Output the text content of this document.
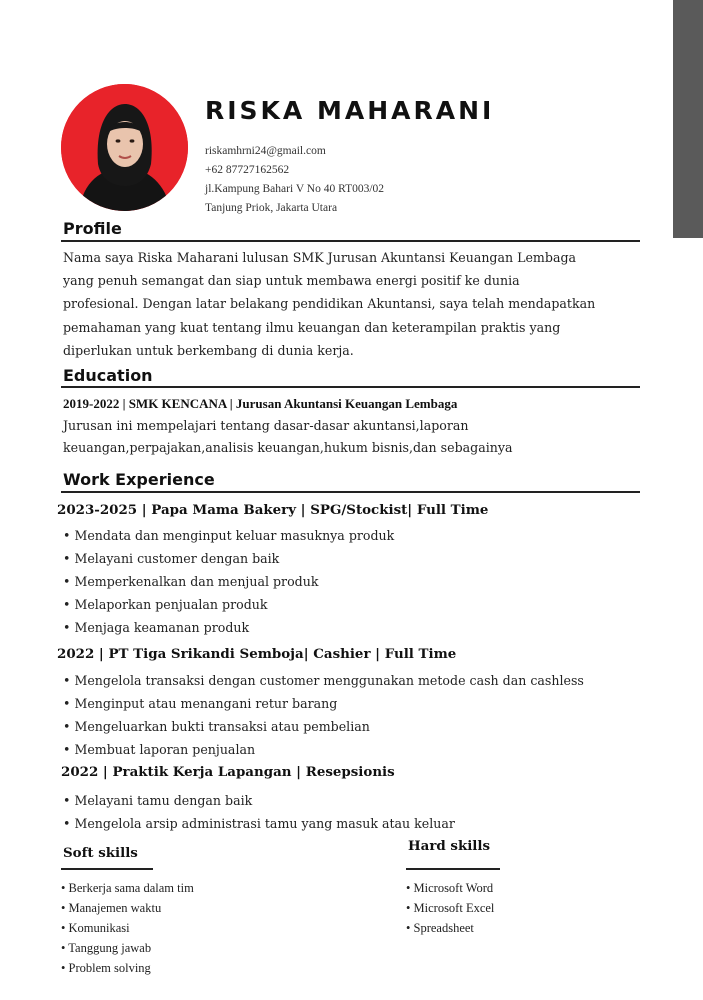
RISKA MAHARANI
riskamhrni24@gmail.com
+62 87727162562
jl.Kampung Bahari V No 40 RT003/02
Tanjung Priok, Jakarta Utara
Profile
Nama saya Riska Maharani lulusan SMK Jurusan Akuntansi Keuangan Lembaga
yang penuh semangat dan siap untuk membawa energi positif ke dunia
profesional. Dengan latar belakang pendidikan Akuntansi, saya telah mendapatkan
pemahaman yang kuat tentang ilmu keuangan dan keterampilan praktis yang
diperlukan untuk berkembang di dunia kerja.
Education
2019-2022 | SMK KENCANA | Jurusan Akuntansi Keuangan Lembaga
Jurusan ini mempelajari tentang dasar-dasar akuntansi,laporan
keuangan,perpajakan,analisis keuangan,hukum bisnis,dan sebagainya
Work Experience
2023-2025 | Papa Mama Bakery | SPG/Stockist| Full Time
• Mendata dan menginput keluar masuknya produk
• Melayani customer dengan baik
• Memperkenalkan dan menjual produk
• Melaporkan penjualan produk
• Menjaga keamanan produk
2022 | PT Tiga Srikandi Semboja| Cashier | Full Time
• Mengelola transaksi dengan customer menggunakan metode cash dan cashless
• Menginput atau menangani retur barang
• Mengeluarkan bukti transaksi atau pembelian
• Membuat laporan penjualan
2022 | Praktik Kerja Lapangan | Resepsionis
• Melayani tamu dengan baik
• Mengelola arsip administrasi tamu yang masuk atau keluar
Soft skills
• Berkerja sama dalam tim
• Manajemen waktu
• Komunikasi
• Tanggung jawab
• Problem solving
Hard skills
• Microsoft Word
• Microsoft Excel
• Spreadsheet
